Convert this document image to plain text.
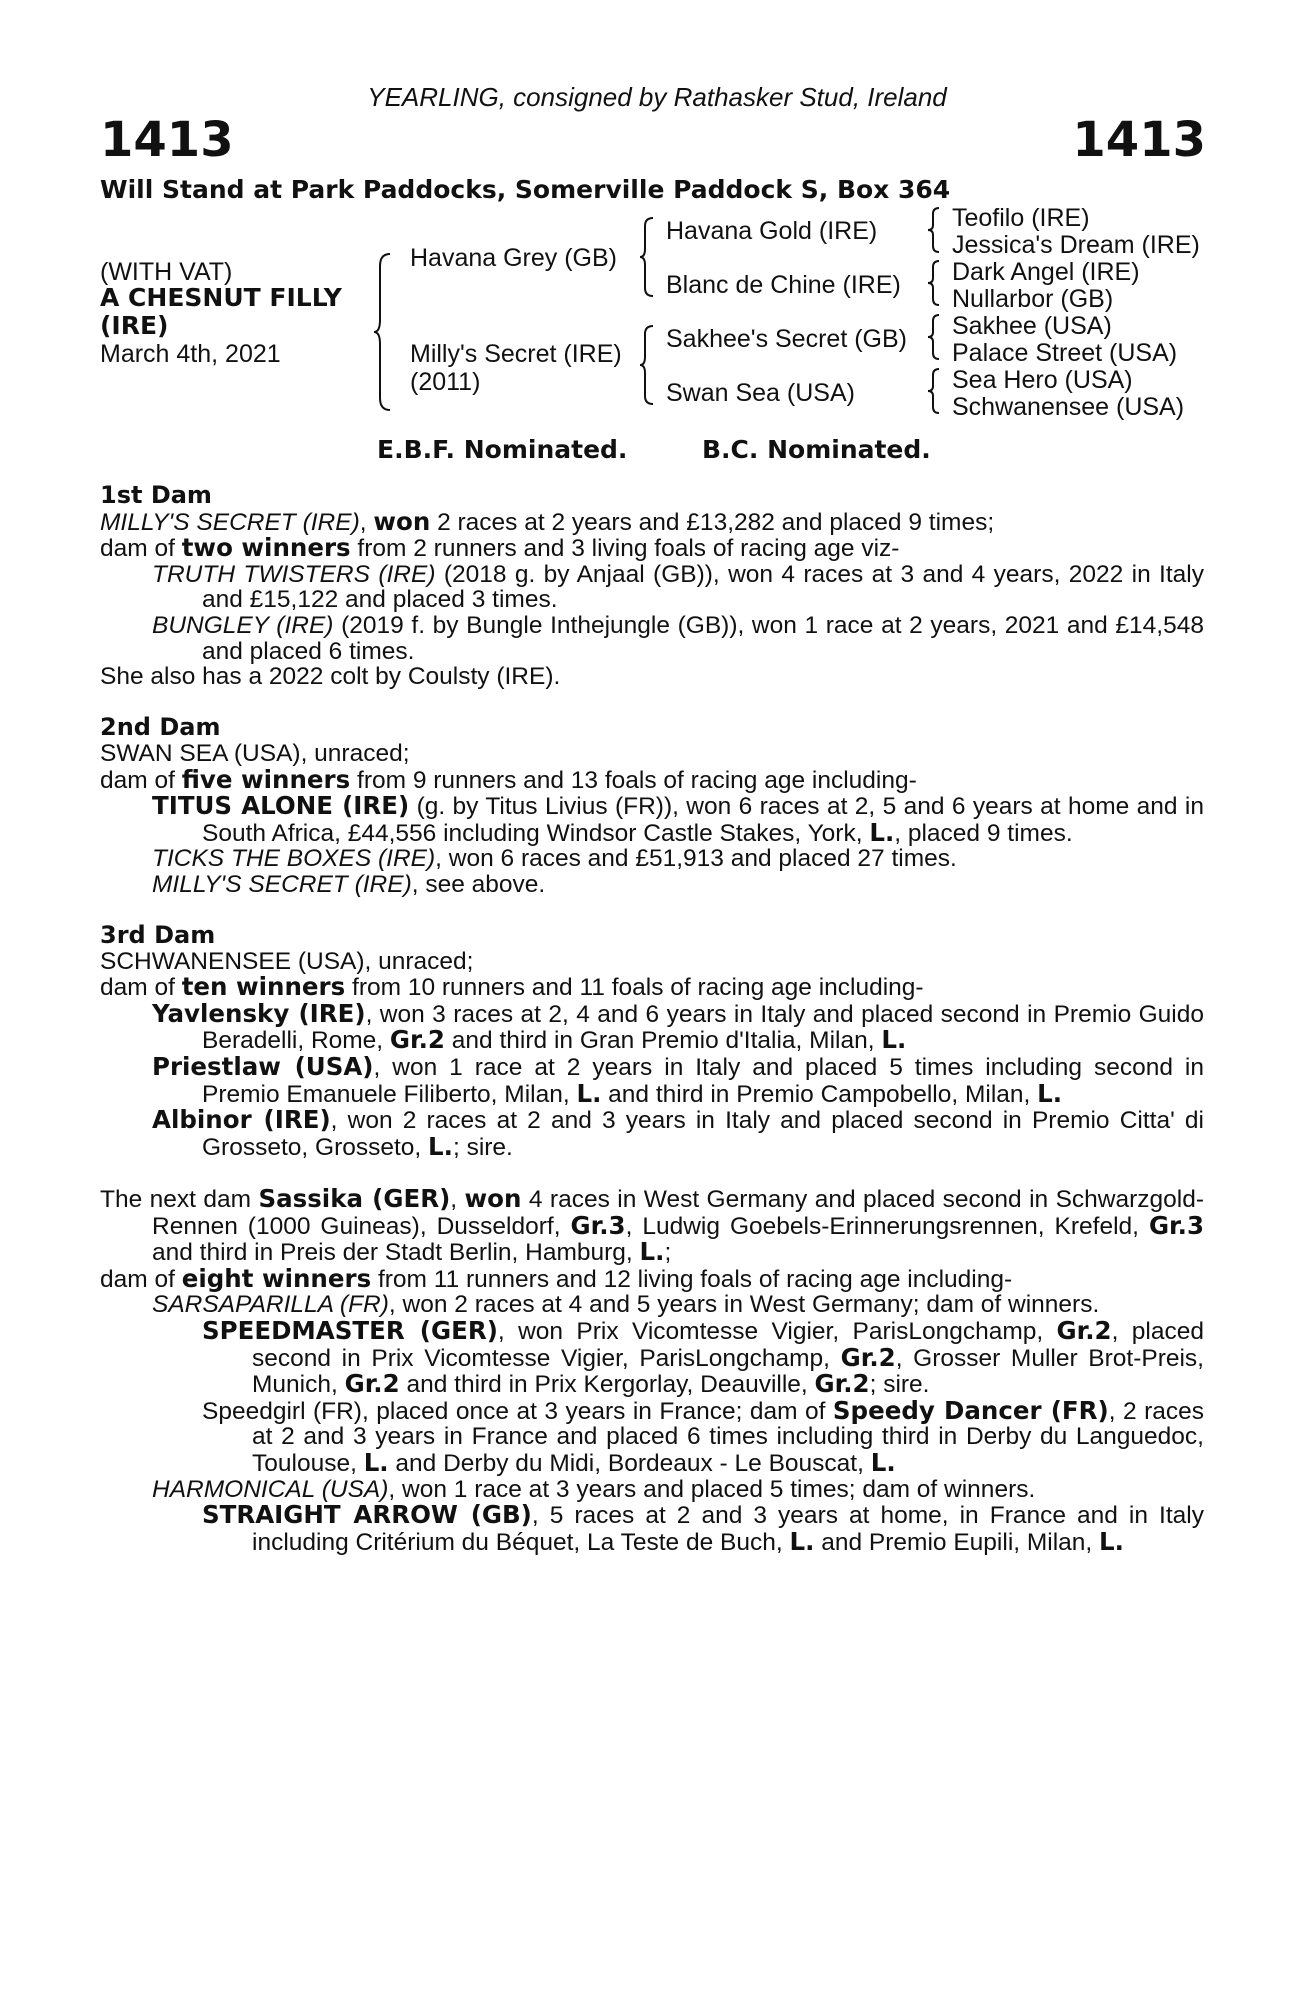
YEARLING, consigned by Rathasker Stud, Ireland
1413	1413
Will Stand at Park Paddocks, Somerville Paddock S, Box 364
(WITH VAT)
A CHESNUT FILLY
(IRE)
March 4th, 2021
Havana Grey (GB)
Milly's Secret (IRE)
(2011)
Havana Gold (IRE)
Blanc de Chine (IRE)
Sakhee's Secret (GB)
Swan Sea (USA)
Teofilo (IRE)
Jessica's Dream (IRE)
Dark Angel (IRE)
Nullarbor (GB)
Sakhee (USA)
Palace Street (USA)
Sea Hero (USA)
Schwanensee (USA)
E.B.F. Nominated.	B.C. Nominated.

1st Dam

MILLY'S SECRET (IRE), won 2 races at 2 years and £13,282 and placed 9 times;

dam of two winners from 2 runners and 3 living foals of racing age viz-

TRUTH TWISTERS (IRE) (2018 g. by Anjaal (GB)), won 4 races at 3 and 4 years, 2022 in Italy and £15,122 and placed 3 times.

BUNGLEY (IRE) (2019 f. by Bungle Inthejungle (GB)), won 1 race at 2 years, 2021 and £14,548 and placed 6 times.

She also has a 2022 colt by Coulsty (IRE).

2nd Dam

SWAN SEA (USA), unraced;

dam of five winners from 9 runners and 13 foals of racing age including-

TITUS ALONE (IRE) (g. by Titus Livius (FR)), won 6 races at 2, 5 and 6 years at home and in South Africa, £44,556 including Windsor Castle Stakes, York, L., placed 9 times.

TICKS THE BOXES (IRE), won 6 races and £51,913 and placed 27 times.

MILLY'S SECRET (IRE), see above.

3rd Dam

SCHWANENSEE (USA), unraced;

dam of ten winners from 10 runners and 11 foals of racing age including-

Yavlensky (IRE), won 3 races at 2, 4 and 6 years in Italy and placed second in Premio Guido Beradelli, Rome, Gr.2 and third in Gran Premio d'Italia, Milan, L.

Priestlaw (USA), won 1 race at 2 years in Italy and placed 5 times including second in Premio Emanuele Filiberto, Milan, L. and third in Premio Campobello, Milan, L.

Albinor (IRE), won 2 races at 2 and 3 years in Italy and placed second in Premio Citta' di Grosseto, Grosseto, L.; sire.

The next dam Sassika (GER), won 4 races in West Germany and placed second in Schwarzgold-Rennen (1000 Guineas), Dusseldorf, Gr.3, Ludwig Goebels-Erinnerungsrennen, Krefeld, Gr.3 and third in Preis der Stadt Berlin, Hamburg, L.;

dam of eight winners from 11 runners and 12 living foals of racing age including-

SARSAPARILLA (FR), won 2 races at 4 and 5 years in West Germany; dam of winners.

SPEEDMASTER (GER), won Prix Vicomtesse Vigier, ParisLongchamp, Gr.2, placed second in Prix Vicomtesse Vigier, ParisLongchamp, Gr.2, Grosser Muller Brot-Preis, Munich, Gr.2 and third in Prix Kergorlay, Deauville, Gr.2; sire.

Speedgirl (FR), placed once at 3 years in France; dam of Speedy Dancer (FR), 2 races at 2 and 3 years in France and placed 6 times including third in Derby du Languedoc, Toulouse, L. and Derby du Midi, Bordeaux - Le Bouscat, L.

HARMONICAL (USA), won 1 race at 3 years and placed 5 times; dam of winners.

STRAIGHT ARROW (GB), 5 races at 2 and 3 years at home, in France and in Italy including Critérium du Béquet, La Teste de Buch, L. and Premio Eupili, Milan, L.
